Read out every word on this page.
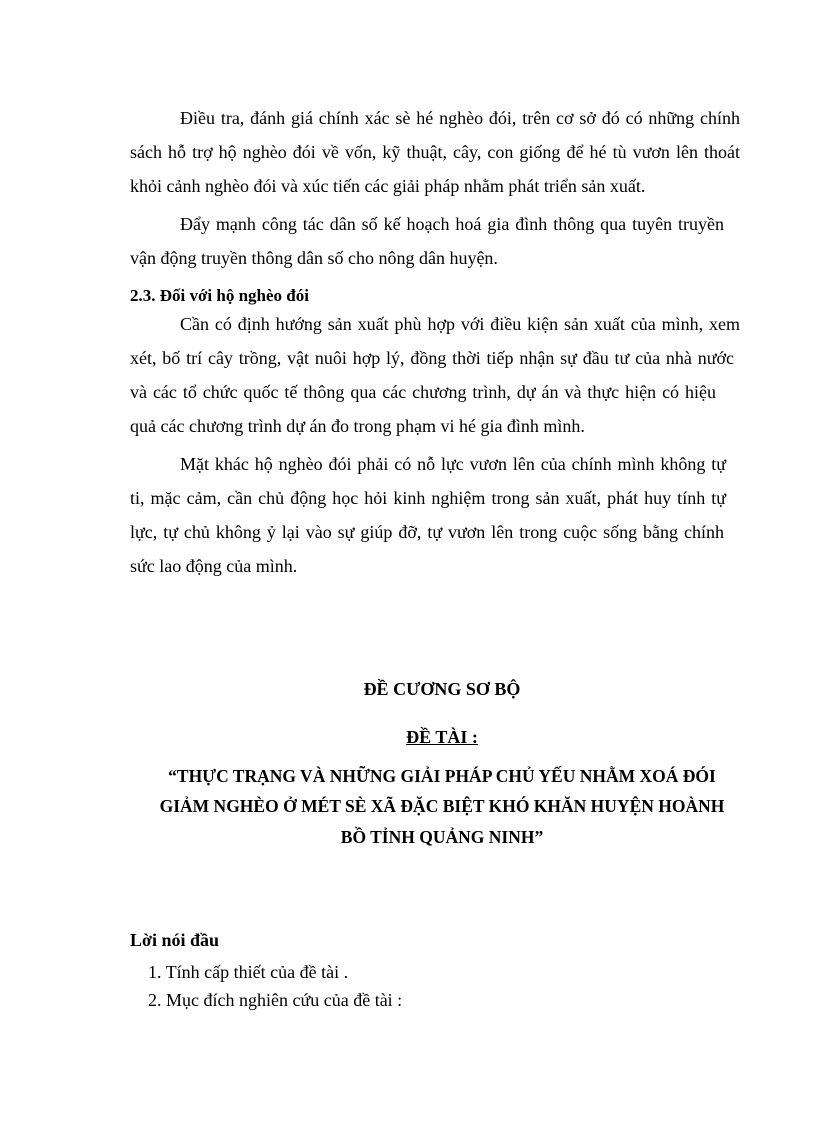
Điều tra, đánh giá chính xác sè hé nghèo đói, trên cơ sở đó có những chính
sách hỗ trợ hộ nghèo đói về vốn, kỹ thuật, cây, con giống để hé tù vươn lên thoát
khỏi cảnh nghèo đói và xúc tiến các giải pháp nhằm phát triển sản xuất.
Đẩy mạnh công tác dân số kế hoạch hoá gia đình thông qua tuyên truyền
vận động truyền thông dân số cho nông dân huyện.
2.3. Đối với hộ nghèo đói
Cần có định hướng sản xuất phù hợp với điều kiện sản xuất của mình, xem
xét, bố trí cây trồng, vật nuôi hợp lý, đồng thời tiếp nhận sự đầu tư của nhà nước
và các tổ chức quốc tế thông qua các chương trình, dự án và thực hiện có hiệu
quả các chương trình dự án đo trong phạm vi hé gia đình mình.
Mặt khác hộ nghèo đói phải có nỗ lực vươn lên của chính mình không tự
ti, mặc cảm, cần chủ động học hỏi kinh nghiệm trong sản xuất, phát huy tính tự
lực, tự chủ không ỷ lại vào sự giúp đỡ, tự vươn lên trong cuộc sống bằng chính
sức lao động của mình.
ĐỀ CƯƠNG SƠ BỘ
ĐỀ TÀI :
“THỰC TRẠNG VÀ NHỮNG GIẢI PHÁP CHỦ YẾU NHẰM XOÁ ĐÓI
GIẢM NGHÈO Ở MÉT SÈ XÃ ĐẶC BIỆT KHÓ KHĂN HUYỆN HOÀNH
BỒ TỈNH QUẢNG NINH”
Lời nói đầu
1. Tính cấp thiết của đề tài .
2. Mục đích nghiên cứu của đề tài :
